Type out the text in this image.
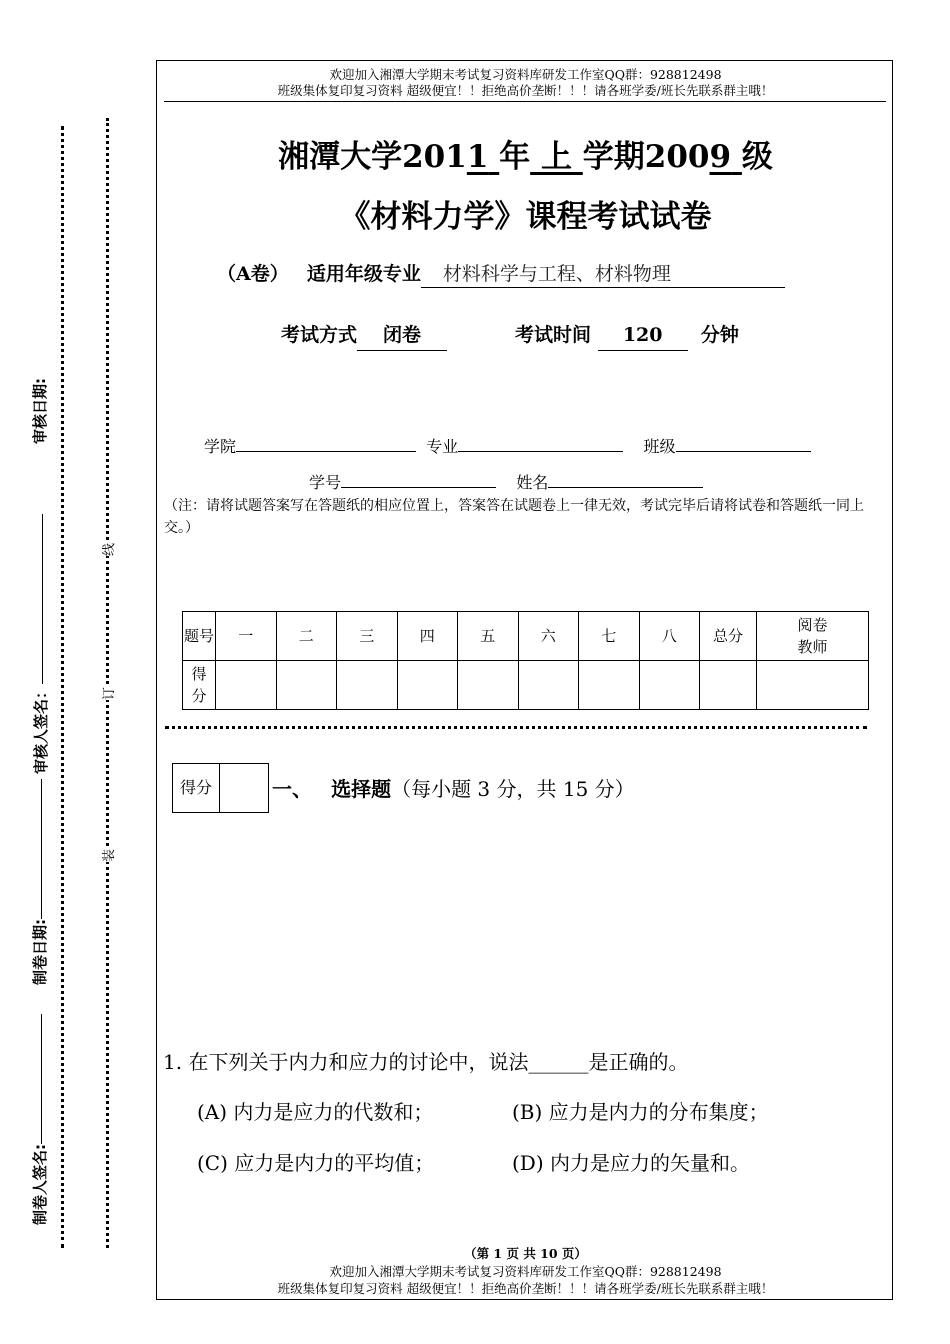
审核日期:
审核人签名：
制卷日期:
制卷人签名:
线
订
装
欢迎加入湘潭大学期末考试复习资料库研发工作室QQ群：928812498
班级集体复印复习资料 超级便宜！！拒绝高价垄断！！！请各班学委/班长先联系群主哦！
湘潭大学2011 年 上 学期2009 级
《材料力学》课程考试试卷
（A卷） 适用年级专业 材料科学与工程、材料物理
考试方式 闭卷	考试时间 120 分钟
学院	专业	班级
学号	姓名
（注：请将试题答案写在答题纸的相应位置上，答案答在试题卷上一律无效，考试完毕后请将试卷和答题纸一同上交。）
题号	一	二	三	四	五	六	七	八	总分	阅卷教师
得分										
得分		一、 选择题（每小题 3 分，共 15 分）
1. 在下列关于内力和应力的讨论中，说法______是正确的。
(A) 内力是应力的代数和；	(B) 应力是内力的分布集度；
(C) 应力是内力的平均值；	(D) 内力是应力的矢量和。
（第 1 页 共 10 页）
欢迎加入湘潭大学期末考试复习资料库研发工作室QQ群：928812498
班级集体复印复习资料 超级便宜！！拒绝高价垄断！！！请各班学委/班长先联系群主哦！
